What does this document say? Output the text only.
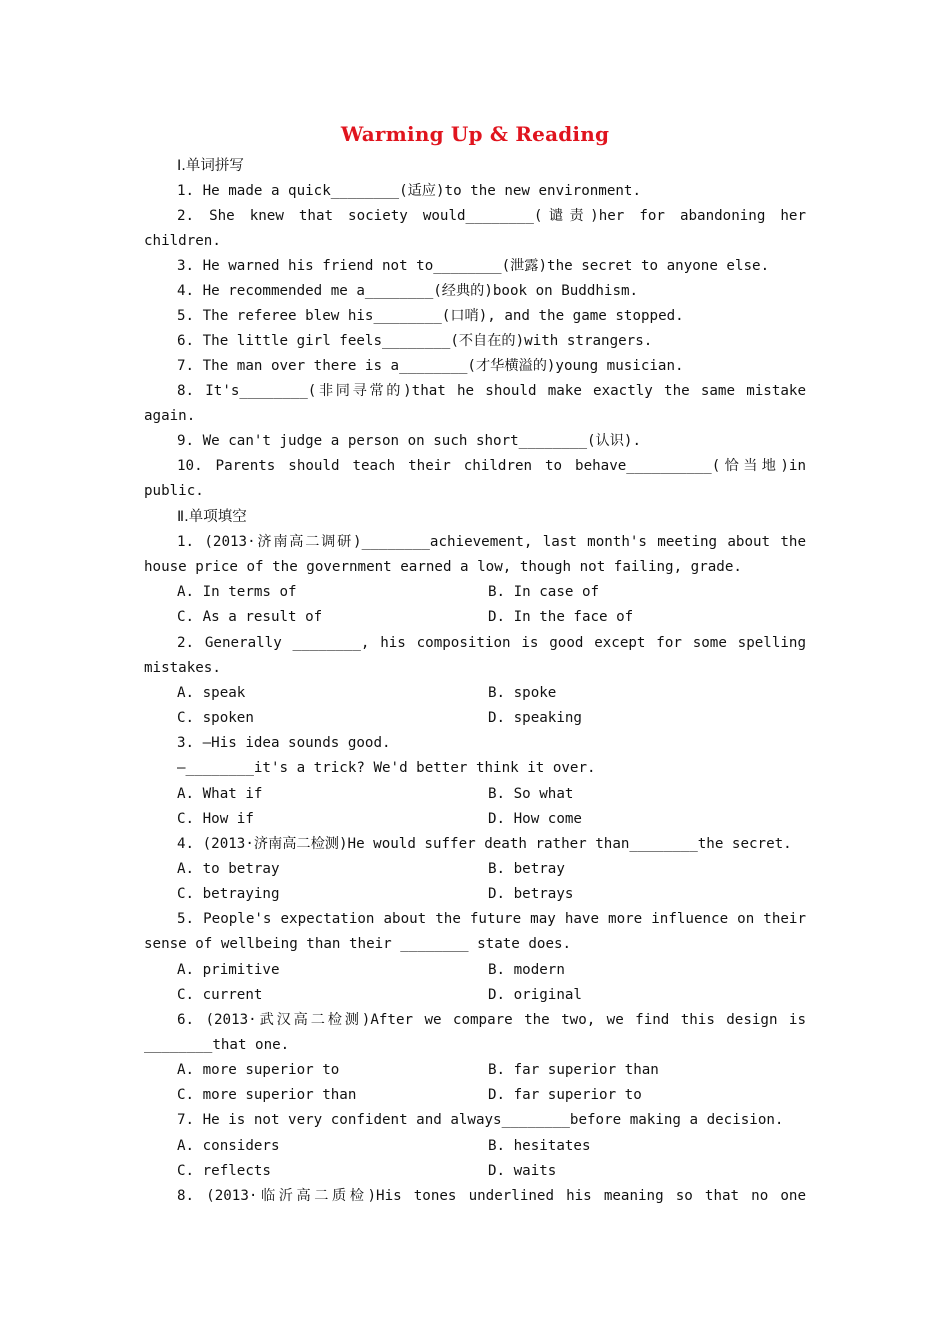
Warming Up & Reading
Ⅰ.单词拼写
1. He made a quick________(适应)to the new environment.
2. She knew that society would________(谴责)her for abandoning her
children.
3. He warned his friend not to________(泄露)the secret to anyone else.
4. He recommended me a________(经典的)book on Buddhism.
5. The referee blew his________(口哨), and the game stopped.
6. The little girl feels________(不自在的)with strangers.
7. The man over there is a________(才华横溢的)young musician.
8. It's________(非同寻常的)that he should make exactly the same mistake
again.
9. We can't judge a person on such short________(认识).
10. Parents should teach their children to behave__________(恰当地)in
public.
Ⅱ.单项填空
1. (2013·济南高二调研)________achievement, last month's meeting about the
house price of the government earned a low, though not failing, grade.
A. In terms of	B. In case of
C. As a result of	D. In the face of
2. Generally ________, his composition is good except for some spelling
mistakes.
A. speak	B. spoke
C. spoken	D. speaking
3. —His idea sounds good.
—________it's a trick? We'd better think it over.
A. What if	B. So what
C. How if	D. How come
4. (2013·济南高二检测)He would suffer death rather than________the secret.
A. to betray	B. betray
C. betraying	D. betrays
5. People's expectation about the future may have more influence on their
sense of wellbeing than their ________ state does.
A. primitive	B. modern
C. current	D. original
6. (2013·武汉高二检测)After we compare the two, we find this design is
________that one.
A. more superior to	B. far superior than
C. more superior than	D. far superior to
7. He is not very confident and always________before making a decision.
A. considers	B. hesitates
C. reflects	D. waits
8. (2013·临沂高二质检)His tones underlined his meaning so that no one
